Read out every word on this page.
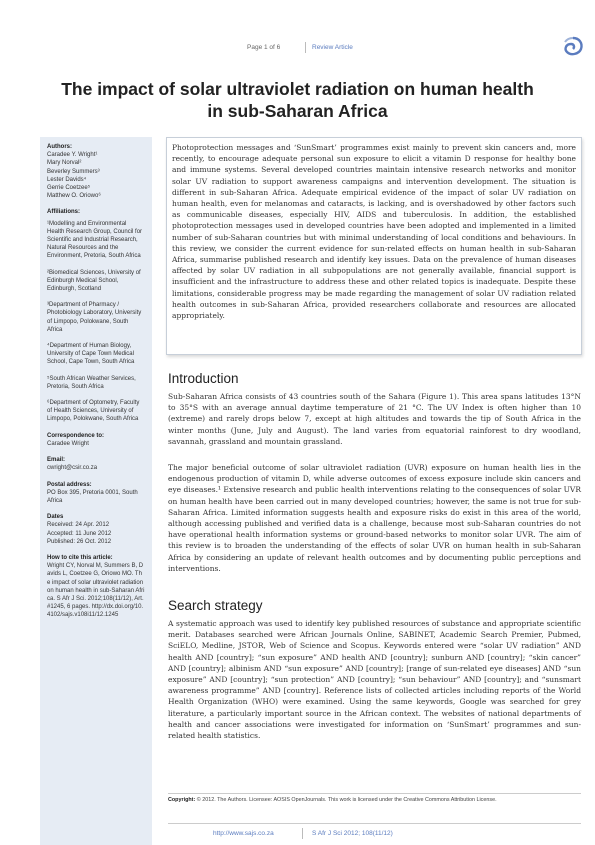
Page 1 of 6	Review Article
The impact of solar ultraviolet radiation on human health in sub-Saharan Africa

Authors:
Caradee Y. Wright¹
Mary Norval²
Beverley Summers³
Lester Davids⁴
Gerrie Coetzee⁵
Matthew O. Oriowo⁶

Affiliations:

¹Modelling and Environmental Health Research Group, Council for Scientific and Industrial Research, Natural Resources and the Environment, Pretoria, South Africa

²Biomedical Sciences, University of Edinburgh Medical School, Edinburgh, Scotland

³Department of Pharmacy / Photobiology Laboratory, University of Limpopo, Polokwane, South Africa

⁴Department of Human Biology, University of Cape Town Medical School, Cape Town, South Africa

⁵South African Weather Services, Pretoria, South Africa

⁶Department of Optometry, Faculty of Health Sciences, University of Limpopo, Polokwane, South Africa

Correspondence to:
Caradee Wright

Email:
cwright@csir.co.za

Postal address:
PO Box 395, Pretoria 0001, South Africa

Dates
Received: 24 Apr. 2012
Accepted: 11 June 2012
Published: 26 Oct. 2012

How to cite this article:
Wright CY, Norval M, Summers B, Davids L, Coetzee G, Oriowo MO. The impact of solar ultraviolet radiation on human health in sub-Saharan Africa. S Afr J Sci. 2012;108(11/12), Art. #1245, 6 pages. http://dx.doi.org/10.4102/sajs.v108i11/12.1245

Photoprotection messages and ‘SunSmart’ programmes exist mainly to prevent skin cancers and, more recently, to encourage adequate personal sun exposure to elicit a vitamin D response for healthy bone and immune systems. Several developed countries maintain intensive research networks and monitor solar UV radiation to support awareness campaigns and intervention development. The situation is different in sub-Saharan Africa. Adequate empirical evidence of the impact of solar UV radiation on human health, even for melanomas and cataracts, is lacking, and is overshadowed by other factors such as communicable diseases, especially HIV, AIDS and tuberculosis. In addition, the established photoprotection messages used in developed countries have been adopted and implemented in a limited number of sub-Saharan countries but with minimal understanding of local conditions and behaviours. In this review, we consider the current evidence for sun-related effects on human health in sub-Saharan Africa, summarise published research and identify key issues. Data on the prevalence of human diseases affected by solar UV radiation in all subpopulations are not generally available, financial support is insufficient and the infrastructure to address these and other related topics is inadequate. Despite these limitations, considerable progress may be made regarding the management of solar UV radiation related health outcomes in sub-Saharan Africa, provided researchers collaborate and resources are allocated appropriately.
Introduction

Sub-Saharan Africa consists of 43 countries south of the Sahara (Figure 1). This area spans latitudes 13°N to 35°S with an average annual daytime temperature of 21 °C. The UV Index is often higher than 10 (extreme) and rarely drops below 7, except at high altitudes and towards the tip of South Africa in the winter months (June, July and August). The land varies from equatorial rainforest to dry woodland, savannah, grassland and mountain grassland.

The major beneficial outcome of solar ultraviolet radiation (UVR) exposure on human health lies in the endogenous production of vitamin D, while adverse outcomes of excess exposure include skin cancers and eye diseases.¹ Extensive research and public health interventions relating to the consequences of solar UVR on human health have been carried out in many developed countries; however, the same is not true for sub-Saharan Africa. Limited information suggests health and exposure risks do exist in this area of the world, although accessing published and verified data is a challenge, because most sub-Saharan countries do not have operational health information systems or ground-based networks to monitor solar UVR. The aim of this review is to broaden the understanding of the effects of solar UVR on human health in sub-Saharan Africa by considering an update of relevant health outcomes and by documenting public perceptions and interventions.

Search strategy

A systematic approach was used to identify key published resources of substance and appropriate scientific merit. Databases searched were African Journals Online, SABINET, Academic Search Premier, Pubmed, SciELO, Medline, JSTOR, Web of Science and Scopus. Keywords entered were “solar UV radiation” AND health AND [country]; “sun exposure” AND health AND [country]; sunburn AND [country]; “skin cancer” AND [country]; albinism AND “sun exposure” AND [country]; [range of sun-related eye diseases] AND “sun exposure” AND [country]; “sun protection” AND [country]; “sun behaviour” AND [country]; and “sunsmart awareness programme” AND [country]. Reference lists of collected articles including reports of the World Health Organization (WHO) were examined. Using the same keywords, Google was searched for grey literature, a particularly important source in the African context. The websites of national departments of health and cancer associations were investigated for information on ‘SunSmart’ programmes and sun-related health statistics.

Copyright: © 2012. The Authors. Licensee: AOSIS OpenJournals. This work is licensed under the Creative Commons Attribution License.
http://www.sajs.co.za	S Afr J Sci 2012; 108(11/12)
